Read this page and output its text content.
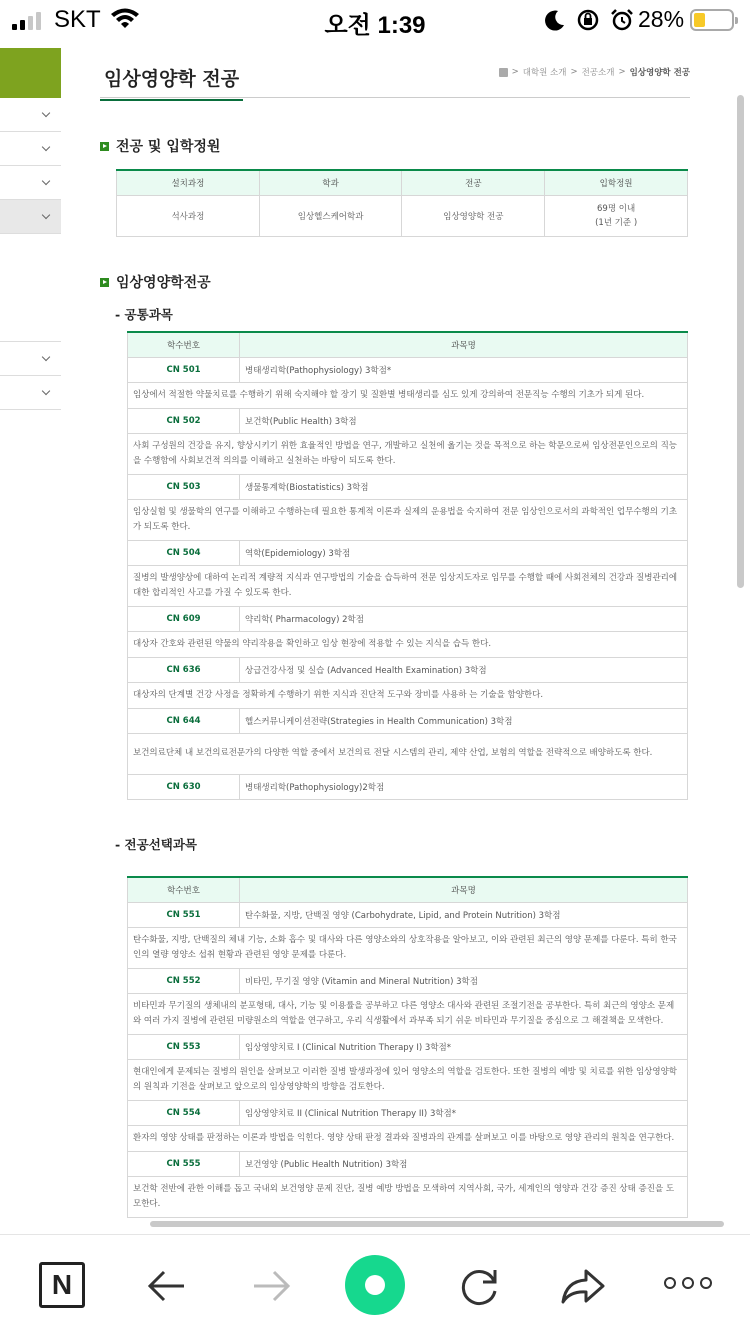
SKT	오전 1:39	28%
임상영양학 전공	> 대학원 소개 > 전공소개 > 임상영양학 전공
전공 및 입학정원
설치과정	학과	전공	입학정원
석사과정	임상헬스케어학과	임상영양학 전공	69명 이내
(1년 기준 )
임상영양학전공
- 공통과목
학수번호	과목명
CN 501	병태생리학(Pathophysiology) 3학점*
임상에서 적절한 약물치료를 수행하기 위해 숙지해야 할 장기 및 질환별 병태생리를 심도 있게 강의하여 전문직능 수행의 기초가 되게 된다.	
CN 502	보건학(Public Health) 3학점
사회 구성원의 건강을 유지, 향상시키기 위한 효율적인 방법을 연구, 개발하고 실천에 옮기는 것을 목적으로 하는 학문으로써 임상전문인으로의 직능을 수행함에 사회보건적 의의를 이해하고 실천하는 바탕이 되도록 한다.	
CN 503	생물통계학(Biostatistics) 3학점
임상실험 및 생물학의 연구를 이해하고 수행하는데 필요한 통계적 이론과 실제의 운용법을 숙지하여 전문 임상인으로서의 과학적인 업무수행의 기초가 되도록 한다.	
CN 504	역학(Epidemiology) 3학점
질병의 발생양상에 대하여 논리적 계량적 지식과 연구방법의 기술을 습득하여 전문 임상지도자로 임무를 수행할 때에 사회전체의 건강과 질병관리에 대한 합리적인 사고를 가질 수 있도록 한다.	
CN 609	약리학( Pharmacology) 2학점
대상자 간호와 관련된 약물의 약리작용을 확인하고 임상 현장에 적용할 수 있는 지식을 습득 한다.	
CN 636	상급건강사정 및 실습 (Advanced Health Examination) 3학점
대상자의 단계별 건강 사정을 정확하게 수행하기 위한 지식과 진단적 도구와 장비를 사용하 는 기술을 함양한다.	
CN 644	헬스커뮤니케이션전략(Strategies in Health Communication) 3학점
보건의료단체 내 보건의료전문가의 다양한 역할 중에서 보건의료 전달 시스템의 관리, 제약 산업, 보험의 역할을 전략적으로 배양하도록 한다.	
CN 630	병태생리학(Pathophysiology)2학점
- 전공선택과목
학수번호	과목명
CN 551	탄수화물, 지방, 단백질 영양 (Carbohydrate, Lipid, and Protein Nutrition) 3학점
탄수화물, 지방, 단백질의 체내 기능, 소화 흡수 및 대사와 다른 영양소와의 상호작용을 알아보고, 이와 관련된 최근의 영양 문제를 다룬다. 특히 한국인의 열량 영양소 섭취 현황과 관련된 영양 문제를 다룬다.	
CN 552	비타민, 무기질 영양 (Vitamin and Mineral Nutrition) 3학점
비타민과 무기질의 생체내의 분포형태, 대사, 기능 및 이용률을 공부하고 다른 영양소 대사와 관련된 조절기전을 공부한다. 특히 최근의 영양소 문제와 여러 가지 질병에 관련된 미량원소의 역할을 연구하고, 우리 식생활에서 과부족 되기 쉬운 비타민과 무기질을 중심으로 그 해결책을 모색한다.	
CN 553	임상영양치료 I (Clinical Nutrition Therapy I) 3학점*
현대인에게 문제되는 질병의 원인을 살펴보고 이러한 질병 발생과정에 있어 영양소의 역할을 검토한다. 또한 질병의 예방 및 치료를 위한 임상영양학의 원칙과 기전을 살펴보고 앞으로의 임상영양학의 방향을 검토한다.	
CN 554	임상영양치료 II (Clinical Nutrition Therapy II) 3학점*
환자의 영양 상태를 판정하는 이론과 방법을 익힌다. 영양 상태 판정 결과와 질병과의 관계를 살펴보고 이를 바탕으로 영양 관리의 원칙을 연구한다.	
CN 555	보건영양 (Public Health Nutrition) 3학점
보건학 전반에 관한 이해를 돕고 국내외 보건영양 문제 진단, 질병 예방 방법을 모색하여 지역사회, 국가, 세계인의 영양과 건강 증진 상태 증진을 도모한다.	
N
